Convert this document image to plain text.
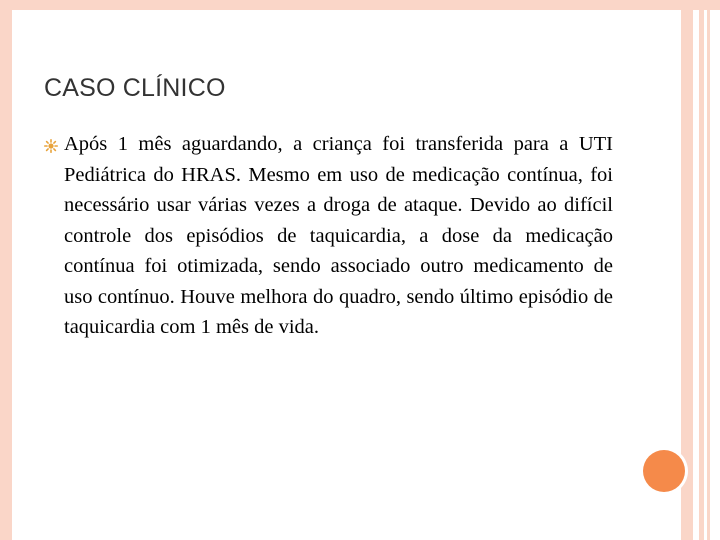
CASO CLÍNICO

Após 1 mês aguardando, a criança foi transferida para a UTI Pediátrica do HRAS. Mesmo em uso de medicação contínua, foi necessário usar várias vezes a droga de ataque. Devido ao difícil controle dos episódios de taquicardia, a dose da medicação contínua foi otimizada, sendo associado outro medicamento de uso contínuo. Houve melhora do quadro, sendo último episódio de taquicardia com 1 mês de vida.
